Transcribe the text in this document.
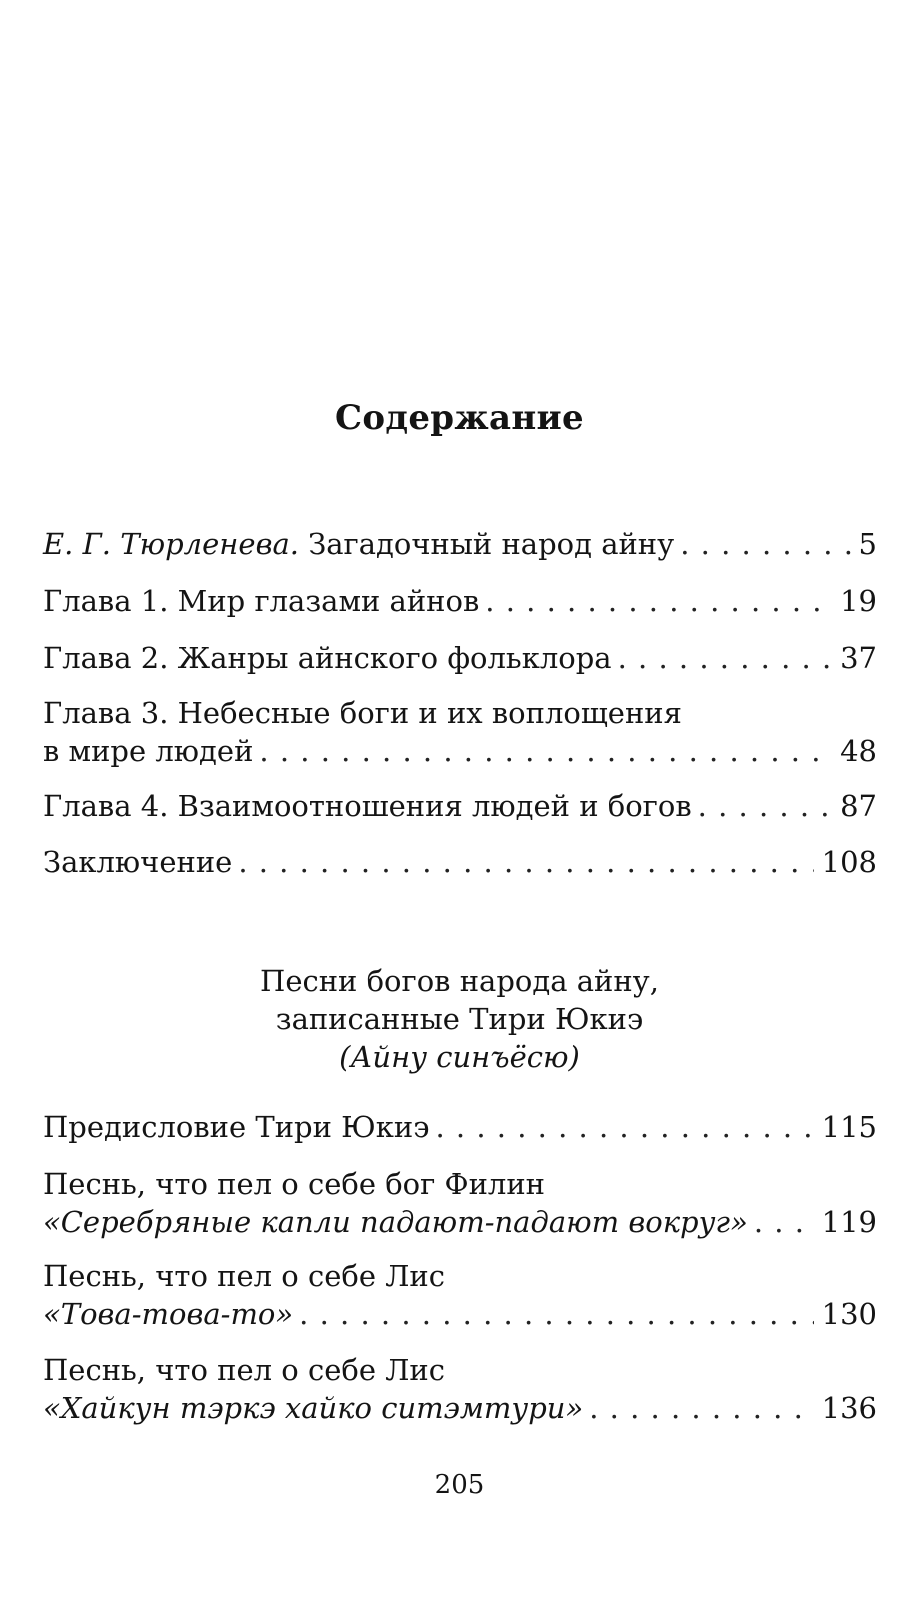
Содержание
Е. Г. Тюрленева. Загадочный народ айну . . .	5
Глава 1. Мир глазами айнов . . .	19
Глава 2. Жанры айнского фольклора . . .	37
Глава 3. Небесные боги и их воплощения
в мире людей . . .	48
Глава 4. Взаимоотношения людей и богов . . .	87
Заключение . . .	108
Песни богов народа айну,
записанные Тири Юкиэ
(Айну синъёсю)
Предисловие Тири Юкиэ . . .	115
Песнь, что пел о себе бог Филин
«Серебряные капли падают-падают вокруг» . . .	119
Песнь, что пел о себе Лис
«Това-това-то» . . .	130
Песнь, что пел о себе Лис
«Хайкун тэркэ хайко ситэмтури» . . .	136
205
